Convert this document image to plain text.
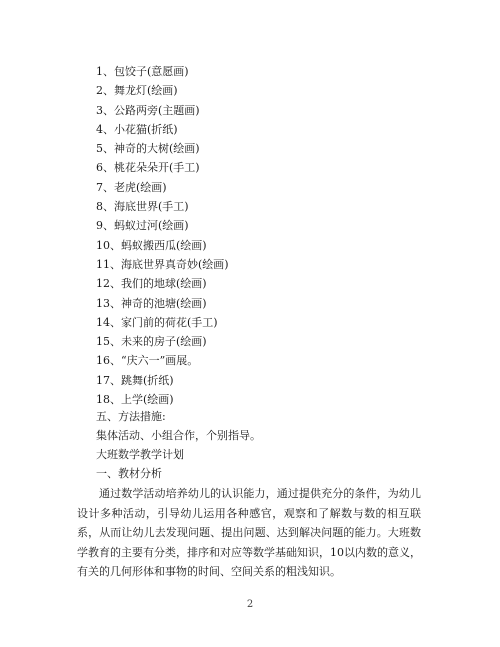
1、包饺子(意愿画)
2、舞龙灯(绘画)
3、公路两旁(主题画)
4、小花猫(折纸)
5、神奇的大树(绘画)
6、桃花朵朵开(手工)
7、老虎(绘画)
8、海底世界(手工)
9、蚂蚁过河(绘画)
10、蚂蚁搬西瓜(绘画)
11、海底世界真奇妙(绘画)
12、我们的地球(绘画)
13、神奇的池塘(绘画)
14、家门前的荷花(手工)
15、未来的房子(绘画)
16、“庆六一”画展。
17、跳舞(折纸)
18、上学(绘画)
五、方法措施:
集体活动、小组合作，个别指导。
大班数学教学计划
一、教材分析

通过数学活动培养幼儿的认识能力，通过提供充分的条件，为幼儿设计多种活动，引导幼儿运用各种感官，观察和了解数与数的相互联系，从而让幼儿去发现问题、提出问题、达到解决问题的能力。大班数学教育的主要有分类，排序和对应等数学基础知识，10以内数的意义，有关的几何形体和事物的时间、空间关系的粗浅知识。

2
